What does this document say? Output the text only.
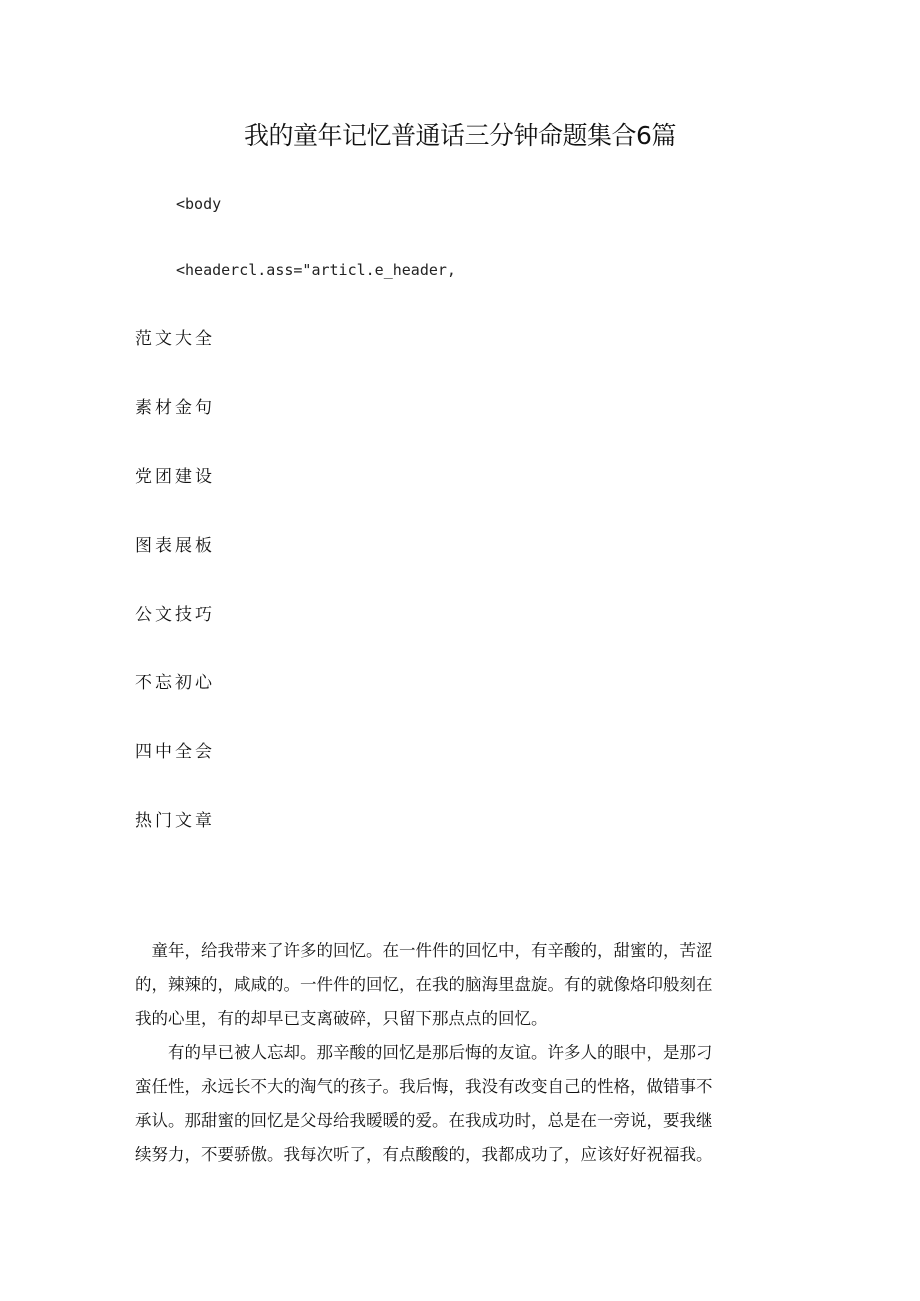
我的童年记忆普通话三分钟命题集合6篇
<body
<headercl.ass="articl.e_header,
范文大全
素材金句
党团建设
图表展板
公文技巧
不忘初心
四中全会
热门文章

　童年，给我带来了许多的回忆。在一件件的回忆中，有辛酸的，甜蜜的，苦涩

的，辣辣的，咸咸的。一件件的回忆，在我的脑海里盘旋。有的就像烙印般刻在

我的心里，有的却早已支离破碎，只留下那点点的回忆。

　　有的早已被人忘却。那辛酸的回忆是那后悔的友谊。许多人的眼中，是那刁

蛮任性，永远长不大的淘气的孩子。我后悔，我没有改变自己的性格，做错事不

承认。那甜蜜的回忆是父母给我暧暖的爱。在我成功时，总是在一旁说，要我继

续努力，不要骄傲。我每次听了，有点酸酸的，我都成功了，应该好好祝福我。
